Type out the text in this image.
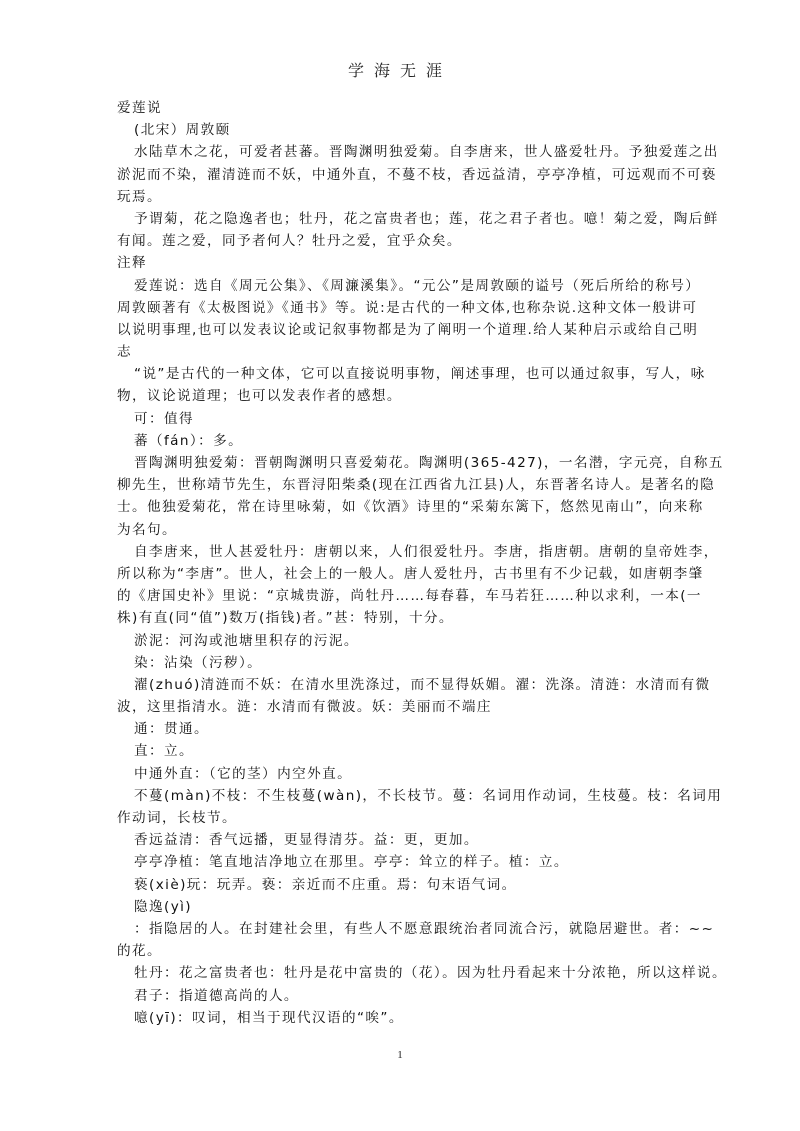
学海无涯
爱莲说
(北宋）周敦颐
水陆草木之花，可爱者甚蕃。晋陶渊明独爱菊。自李唐来，世人盛爱牡丹。予独爱莲之出
淤泥而不染，濯清涟而不妖，中通外直，不蔓不枝，香远益清，亭亭净植，可远观而不可亵
玩焉。
予谓菊，花之隐逸者也；牡丹，花之富贵者也；莲，花之君子者也。噫！菊之爱，陶后鲜
有闻。莲之爱，同予者何人？牡丹之爱，宜乎众矣。
注释
爱莲说：选自《周元公集》、《周濂溪集》。“元公”是周敦颐的谥号（死后所给的称号）
周敦颐著有《太极图说》《通书》等。说:是古代的一种文体,也称杂说.这种文体一般讲可
以说明事理,也可以发表议论或记叙事物都是为了阐明一个道理.给人某种启示或给自己明
志
“说”是古代的一种文体，它可以直接说明事物，阐述事理，也可以通过叙事，写人，咏
物，议论说道理；也可以发表作者的感想。
可：值得
蕃（fán）：多。
晋陶渊明独爱菊：晋朝陶渊明只喜爱菊花。陶渊明(365-427)，一名潜，字元亮，自称五
柳先生，世称靖节先生，东晋浔阳柴桑(现在江西省九江县)人，东晋著名诗人。是著名的隐
士。他独爱菊花，常在诗里咏菊，如《饮酒》诗里的“采菊东篱下，悠然见南山”，向来称
为名句。
自李唐来，世人甚爱牡丹：唐朝以来，人们很爱牡丹。李唐，指唐朝。唐朝的皇帝姓李，
所以称为“李唐”。世人，社会上的一般人。唐人爱牡丹，古书里有不少记载，如唐朝李肇
的《唐国史补》里说：“京城贵游，尚牡丹……每春暮，车马若狂……种以求利，一本(一
株)有直(同“值”)数万(指钱)者。”甚：特别，十分。
淤泥：河沟或池塘里积存的污泥。
染：沾染（污秽）。
濯(zhuó)清涟而不妖：在清水里洗涤过，而不显得妖媚。濯：洗涤。清涟：水清而有微
波，这里指清水。涟：水清而有微波。妖：美丽而不端庄
通：贯通。
直：立。
中通外直：（它的茎）内空外直。
不蔓(màn)不枝：不生枝蔓(wàn)，不长枝节。蔓：名词用作动词，生枝蔓。枝：名词用
作动词，长枝节。
香远益清：香气远播，更显得清芬。益：更，更加。
亭亭净植：笔直地洁净地立在那里。亭亭：耸立的样子。植：立。
亵(xiè)玩：玩弄。亵：亲近而不庄重。焉：句末语气词。
隐逸(yì)
：指隐居的人。在封建社会里，有些人不愿意跟统治者同流合污，就隐居避世。者：~~
的花。
牡丹：花之富贵者也：牡丹是花中富贵的（花）。因为牡丹看起来十分浓艳，所以这样说。
君子：指道德高尚的人。
噫(yī)：叹词，相当于现代汉语的“唉”。
1
